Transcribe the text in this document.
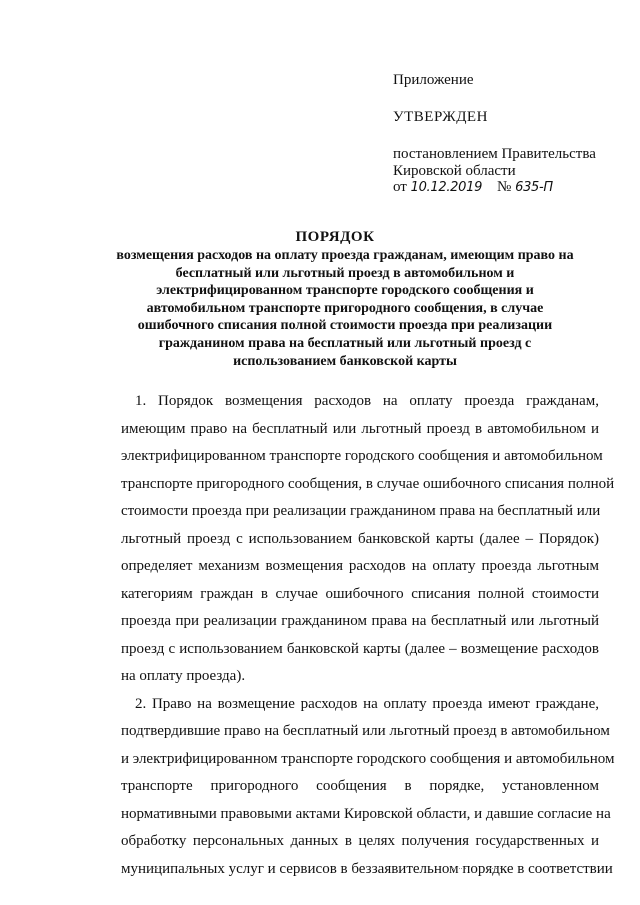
Приложение
УТВЕРЖДЕН
постановлением Правительства
Кировской области
от 10.12.2019 № 635-П
ПОРЯДОК
возмещения расходов на оплату проезда гражданам, имеющим право на
бесплатный или льготный проезд в автомобильном и
электрифицированном транспорте городского сообщения и
автомобильном транспорте пригородного сообщения, в случае
ошибочного списания полной стоимости проезда при реализации
гражданином права на бесплатный или льготный проезд с
использованием банковской карты
1. Порядок возмещения расходов на оплату проезда гражданам,
имеющим право на бесплатный или льготный проезд в автомобильном и
электрифицированном транспорте городского сообщения и автомобильном
транспорте пригородного сообщения, в случае ошибочного списания полной
стоимости проезда при реализации гражданином права на бесплатный или
льготный проезд с использованием банковской карты (далее – Порядок)
определяет механизм возмещения расходов на оплату проезда льготным
категориям граждан в случае ошибочного списания полной стоимости
проезда при реализации гражданином права на бесплатный или льготный
проезд с использованием банковской карты (далее – возмещение расходов
на оплату проезда).
2. Право на возмещение расходов на оплату проезда имеют граждане,
подтвердившие право на бесплатный или льготный проезд в автомобильном
и электрифицированном транспорте городского сообщения и автомобильном
транспорте пригородного сообщения в порядке, установленном
нормативными правовыми актами Кировской области, и давшие согласие на
обработку персональных данных в целях получения государственных и
муниципальных услуг и сервисов в беззаявительном порядке в соответствии
